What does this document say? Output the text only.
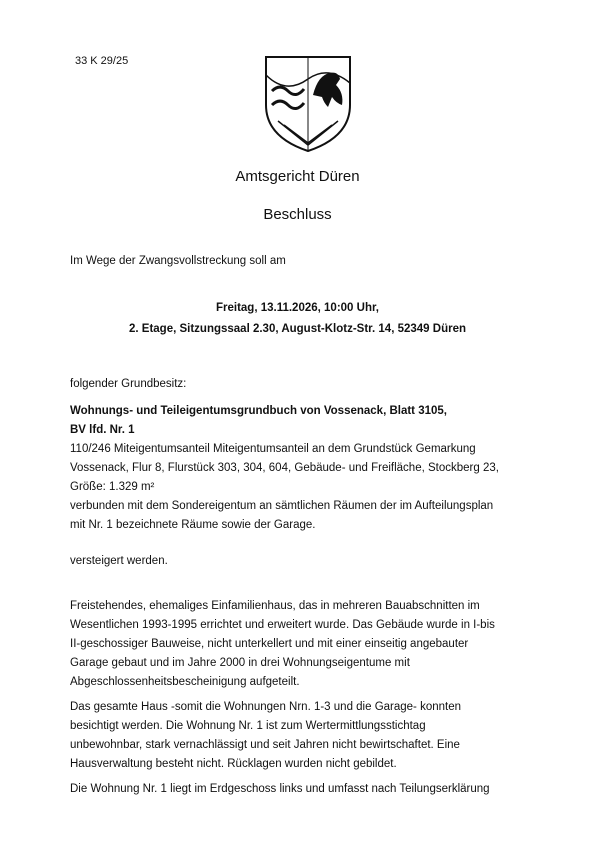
33 K 29/25
Amtsgericht Düren
Beschluss

Im Wege der Zwangsvollstreckung soll am

Freitag, 13.11.2026, 10:00 Uhr,
2. Etage, Sitzungssaal 2.30, August-Klotz-Str. 14, 52349 Düren

folgender Grundbesitz:

Wohnungs- und Teileigentumsgrundbuch von Vossenack, Blatt 3105,
BV lfd. Nr. 1
110/246 Miteigentumsanteil Miteigentumsanteil an dem Grundstück Gemarkung
Vossenack, Flur 8, Flurstück 303, 304, 604, Gebäude- und Freifläche, Stockberg 23,
Größe: 1.329 m²
verbunden mit dem Sondereigentum an sämtlichen Räumen der im Aufteilungsplan
mit Nr. 1 bezeichnete Räume sowie der Garage.

versteigert werden.

Freistehendes, ehemaliges Einfamilienhaus, das in mehreren Bauabschnitten im
Wesentlichen 1993-1995 errichtet und erweitert wurde. Das Gebäude wurde in I-bis
II-geschossiger Bauweise, nicht unterkellert und mit einer einseitig angebauter
Garage gebaut und im Jahre 2000 in drei Wohnungseigentume mit
Abgeschlossenheitsbescheinigung aufgeteilt.
Das gesamte Haus -somit die Wohnungen Nrn. 1-3 und die Garage- konnten
besichtigt werden. Die Wohnung Nr. 1 ist zum Wertermittlungsstichtag
unbewohnbar, stark vernachlässigt und seit Jahren nicht bewirtschaftet. Eine
Hausverwaltung besteht nicht. Rücklagen wurden nicht gebildet.
Die Wohnung Nr. 1 liegt im Erdgeschoss links und umfasst nach Teilungserklärung
